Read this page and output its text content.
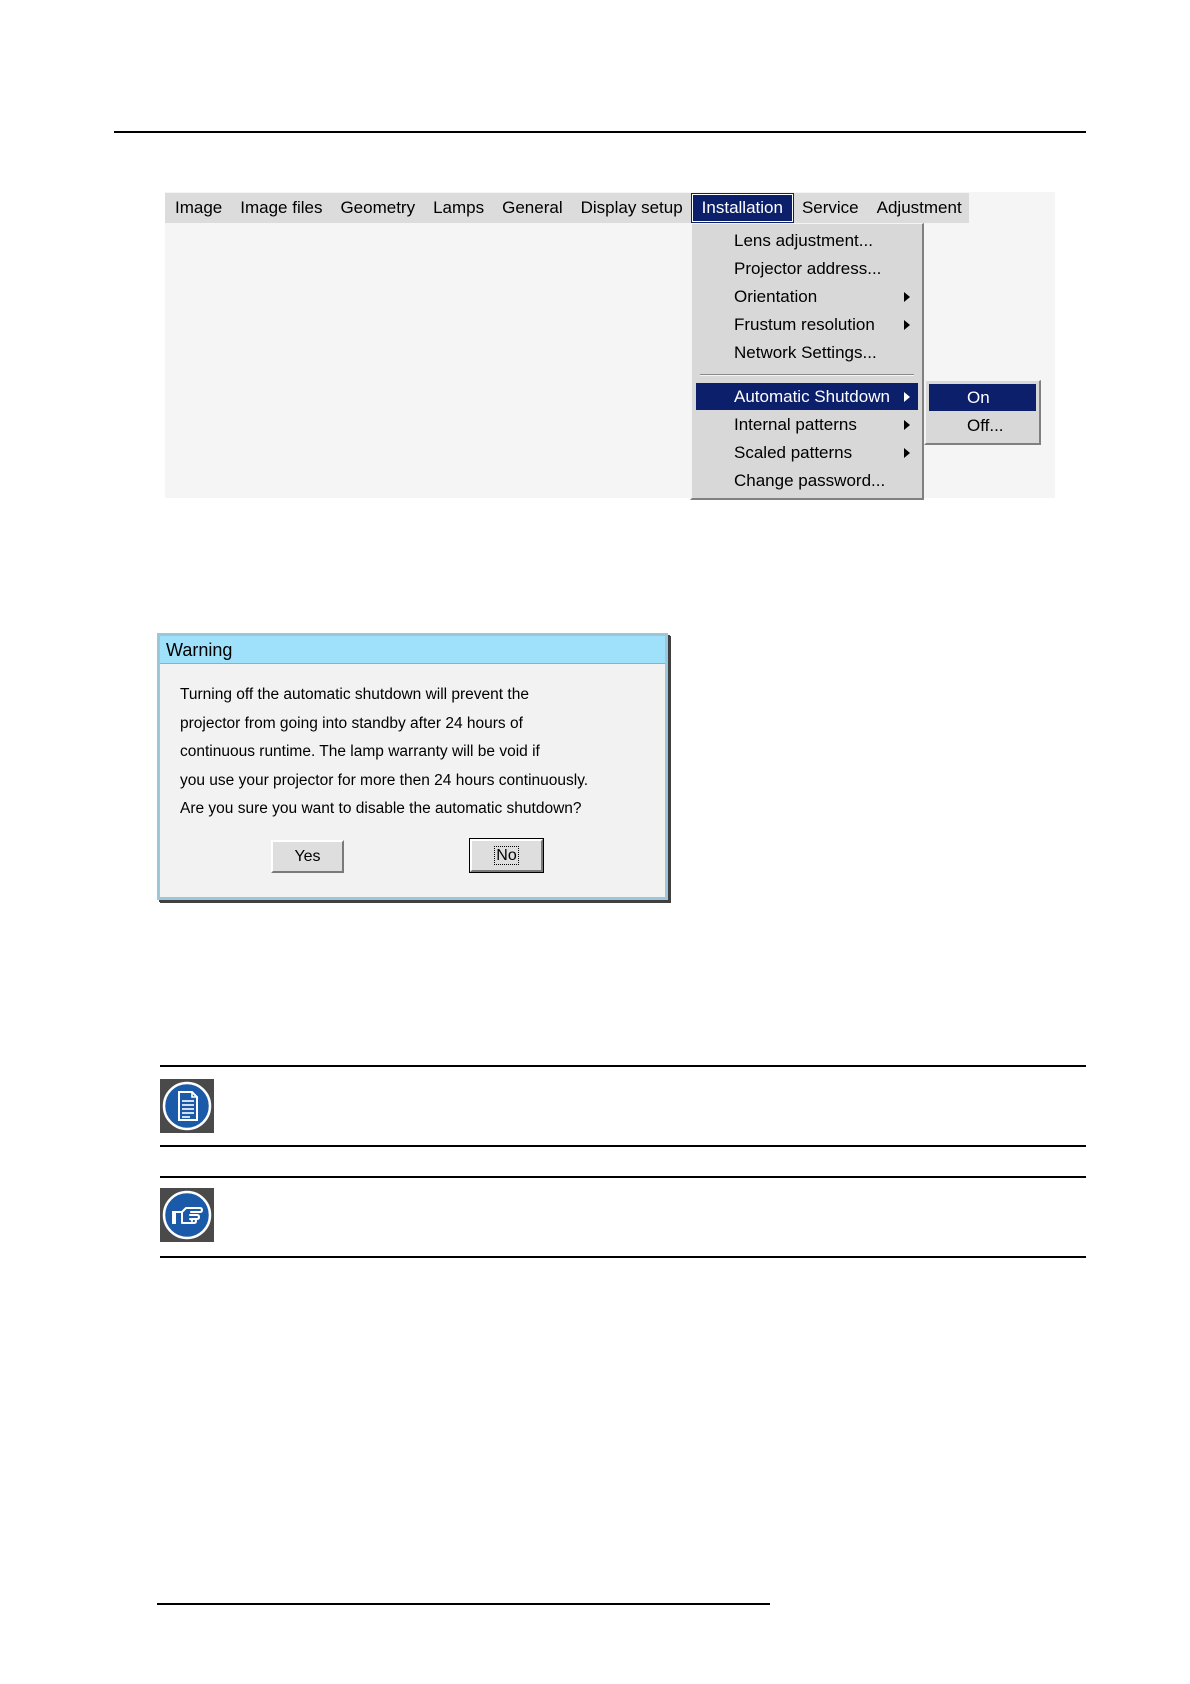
Image	Image files	Geometry	Lamps	General	Display setup	Installation	Service	Adjustment
Lens adjustment...
Projector address...
Orientation
Frustum resolution
Network Settings...
Automatic Shutdown
Internal patterns
Scaled patterns
Change password...
On
Off...
Warning
Turning off the automatic shutdown will prevent the
projector from going into standby after 24 hours of
continuous runtime. The lamp warranty will be void if
you use your projector for more then 24 hours continuously.
Are you sure you want to disable the automatic shutdown?
Yes	No
